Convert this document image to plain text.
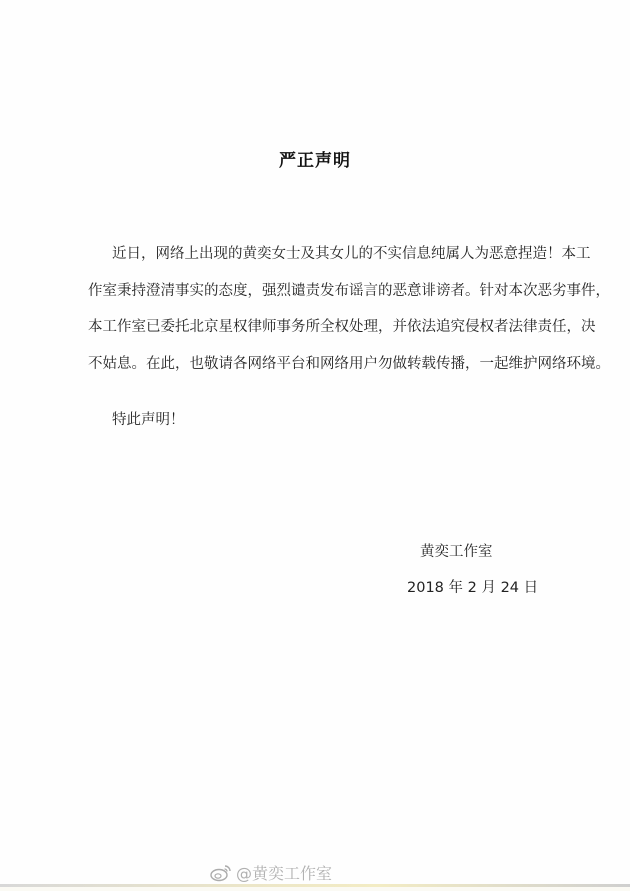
严正声明
近日，网络上出现的黄奕女士及其女儿的不实信息纯属人为恶意捏造！本工
作室秉持澄清事实的态度，强烈谴责发布谣言的恶意诽谤者。针对本次恶劣事件，
本工作室已委托北京星权律师事务所全权处理，并依法追究侵权者法律责任，决
不姑息。在此，也敬请各网络平台和网络用户勿做转载传播，一起维护网络环境。
特此声明！
黄奕工作室
2018 年 2 月 24 日
@黄奕工作室
